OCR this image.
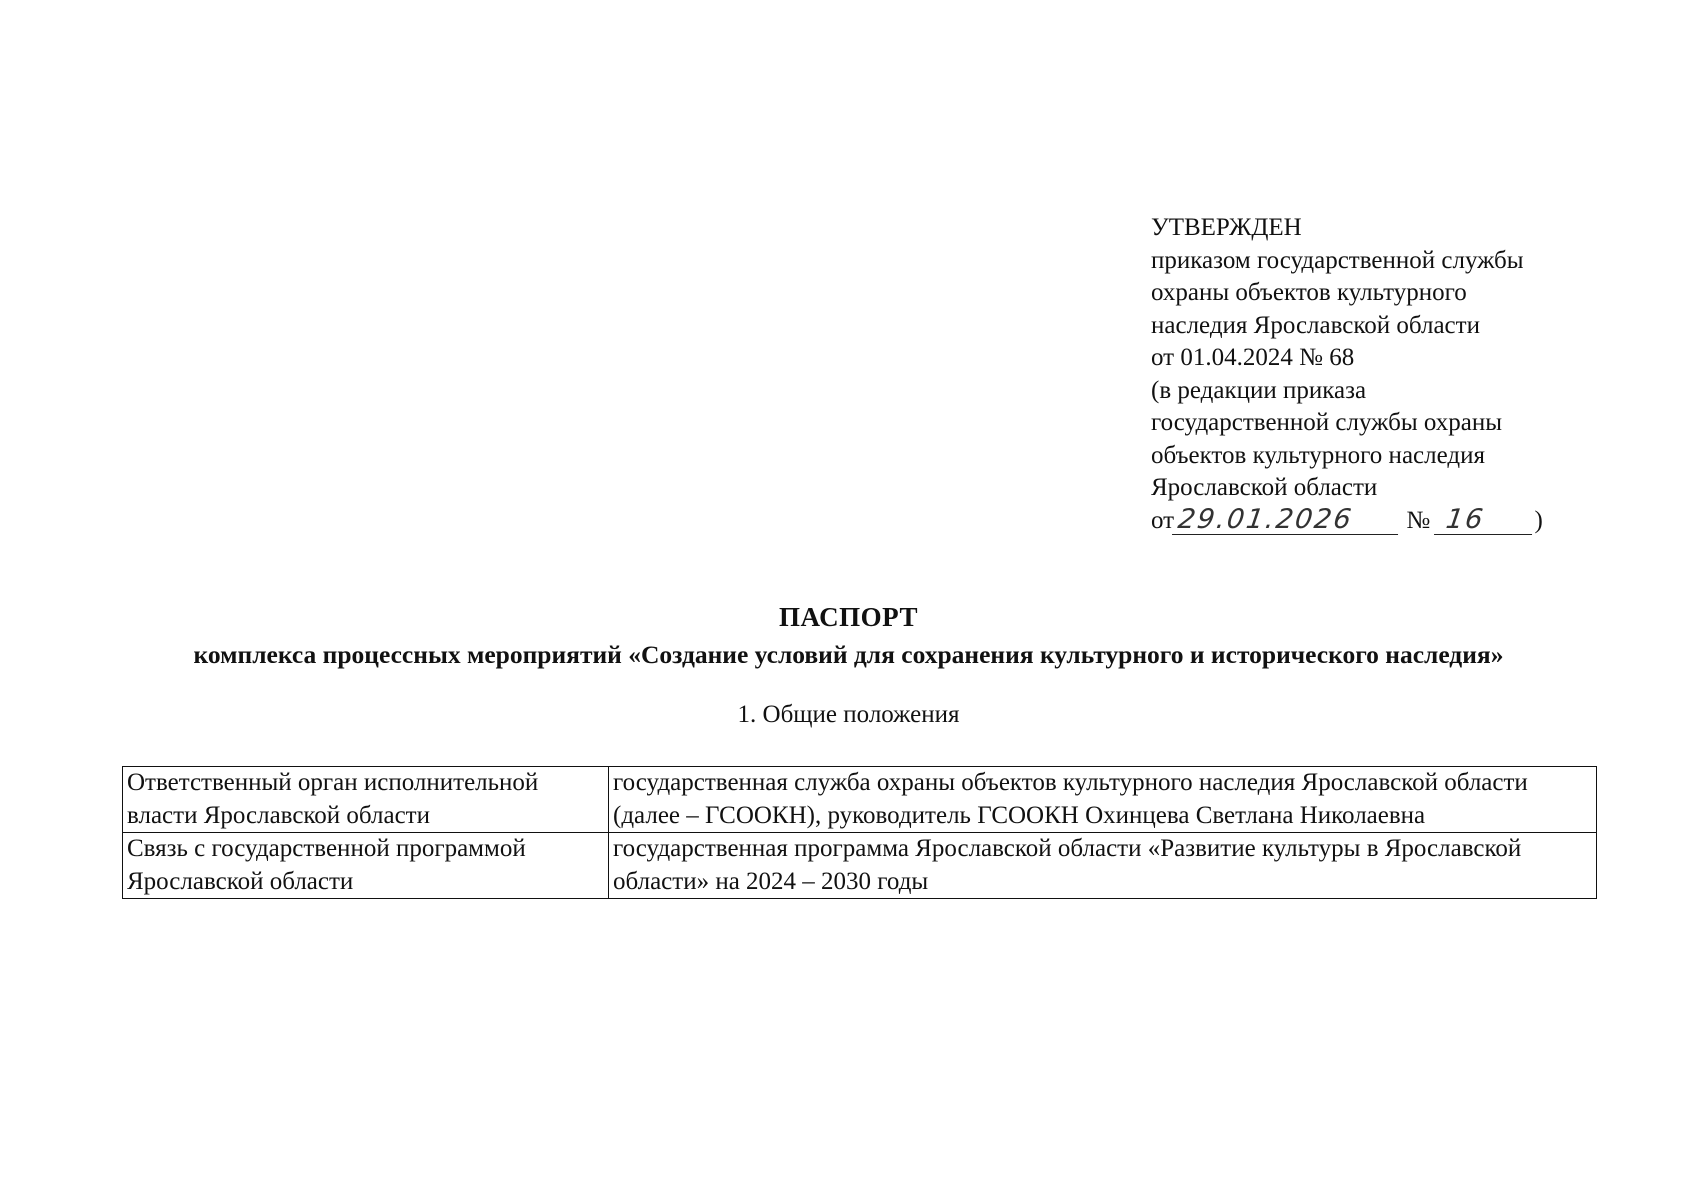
УТВЕРЖДЕН
приказом государственной службы
охраны объектов культурного
наследия Ярославской области
от 01.04.2024 № 68
(в редакции приказа
государственной службы охраны
объектов культурного наследия
Ярославской области
от29.01.2026 № 16 )
ПАСПОРТ
комплекса процессных мероприятий «Создание условий для сохранения культурного и исторического наследия»
1. Общие положения
Ответственный орган исполнительной власти Ярославской области	государственная служба охраны объектов культурного наследия Ярославской области (далее – ГСООКН), руководитель ГСООКН Охинцева Светлана Николаевна
Связь с государственной программой Ярославской области	государственная программа Ярославской области «Развитие культуры в Ярославской области» на 2024 – 2030 годы
